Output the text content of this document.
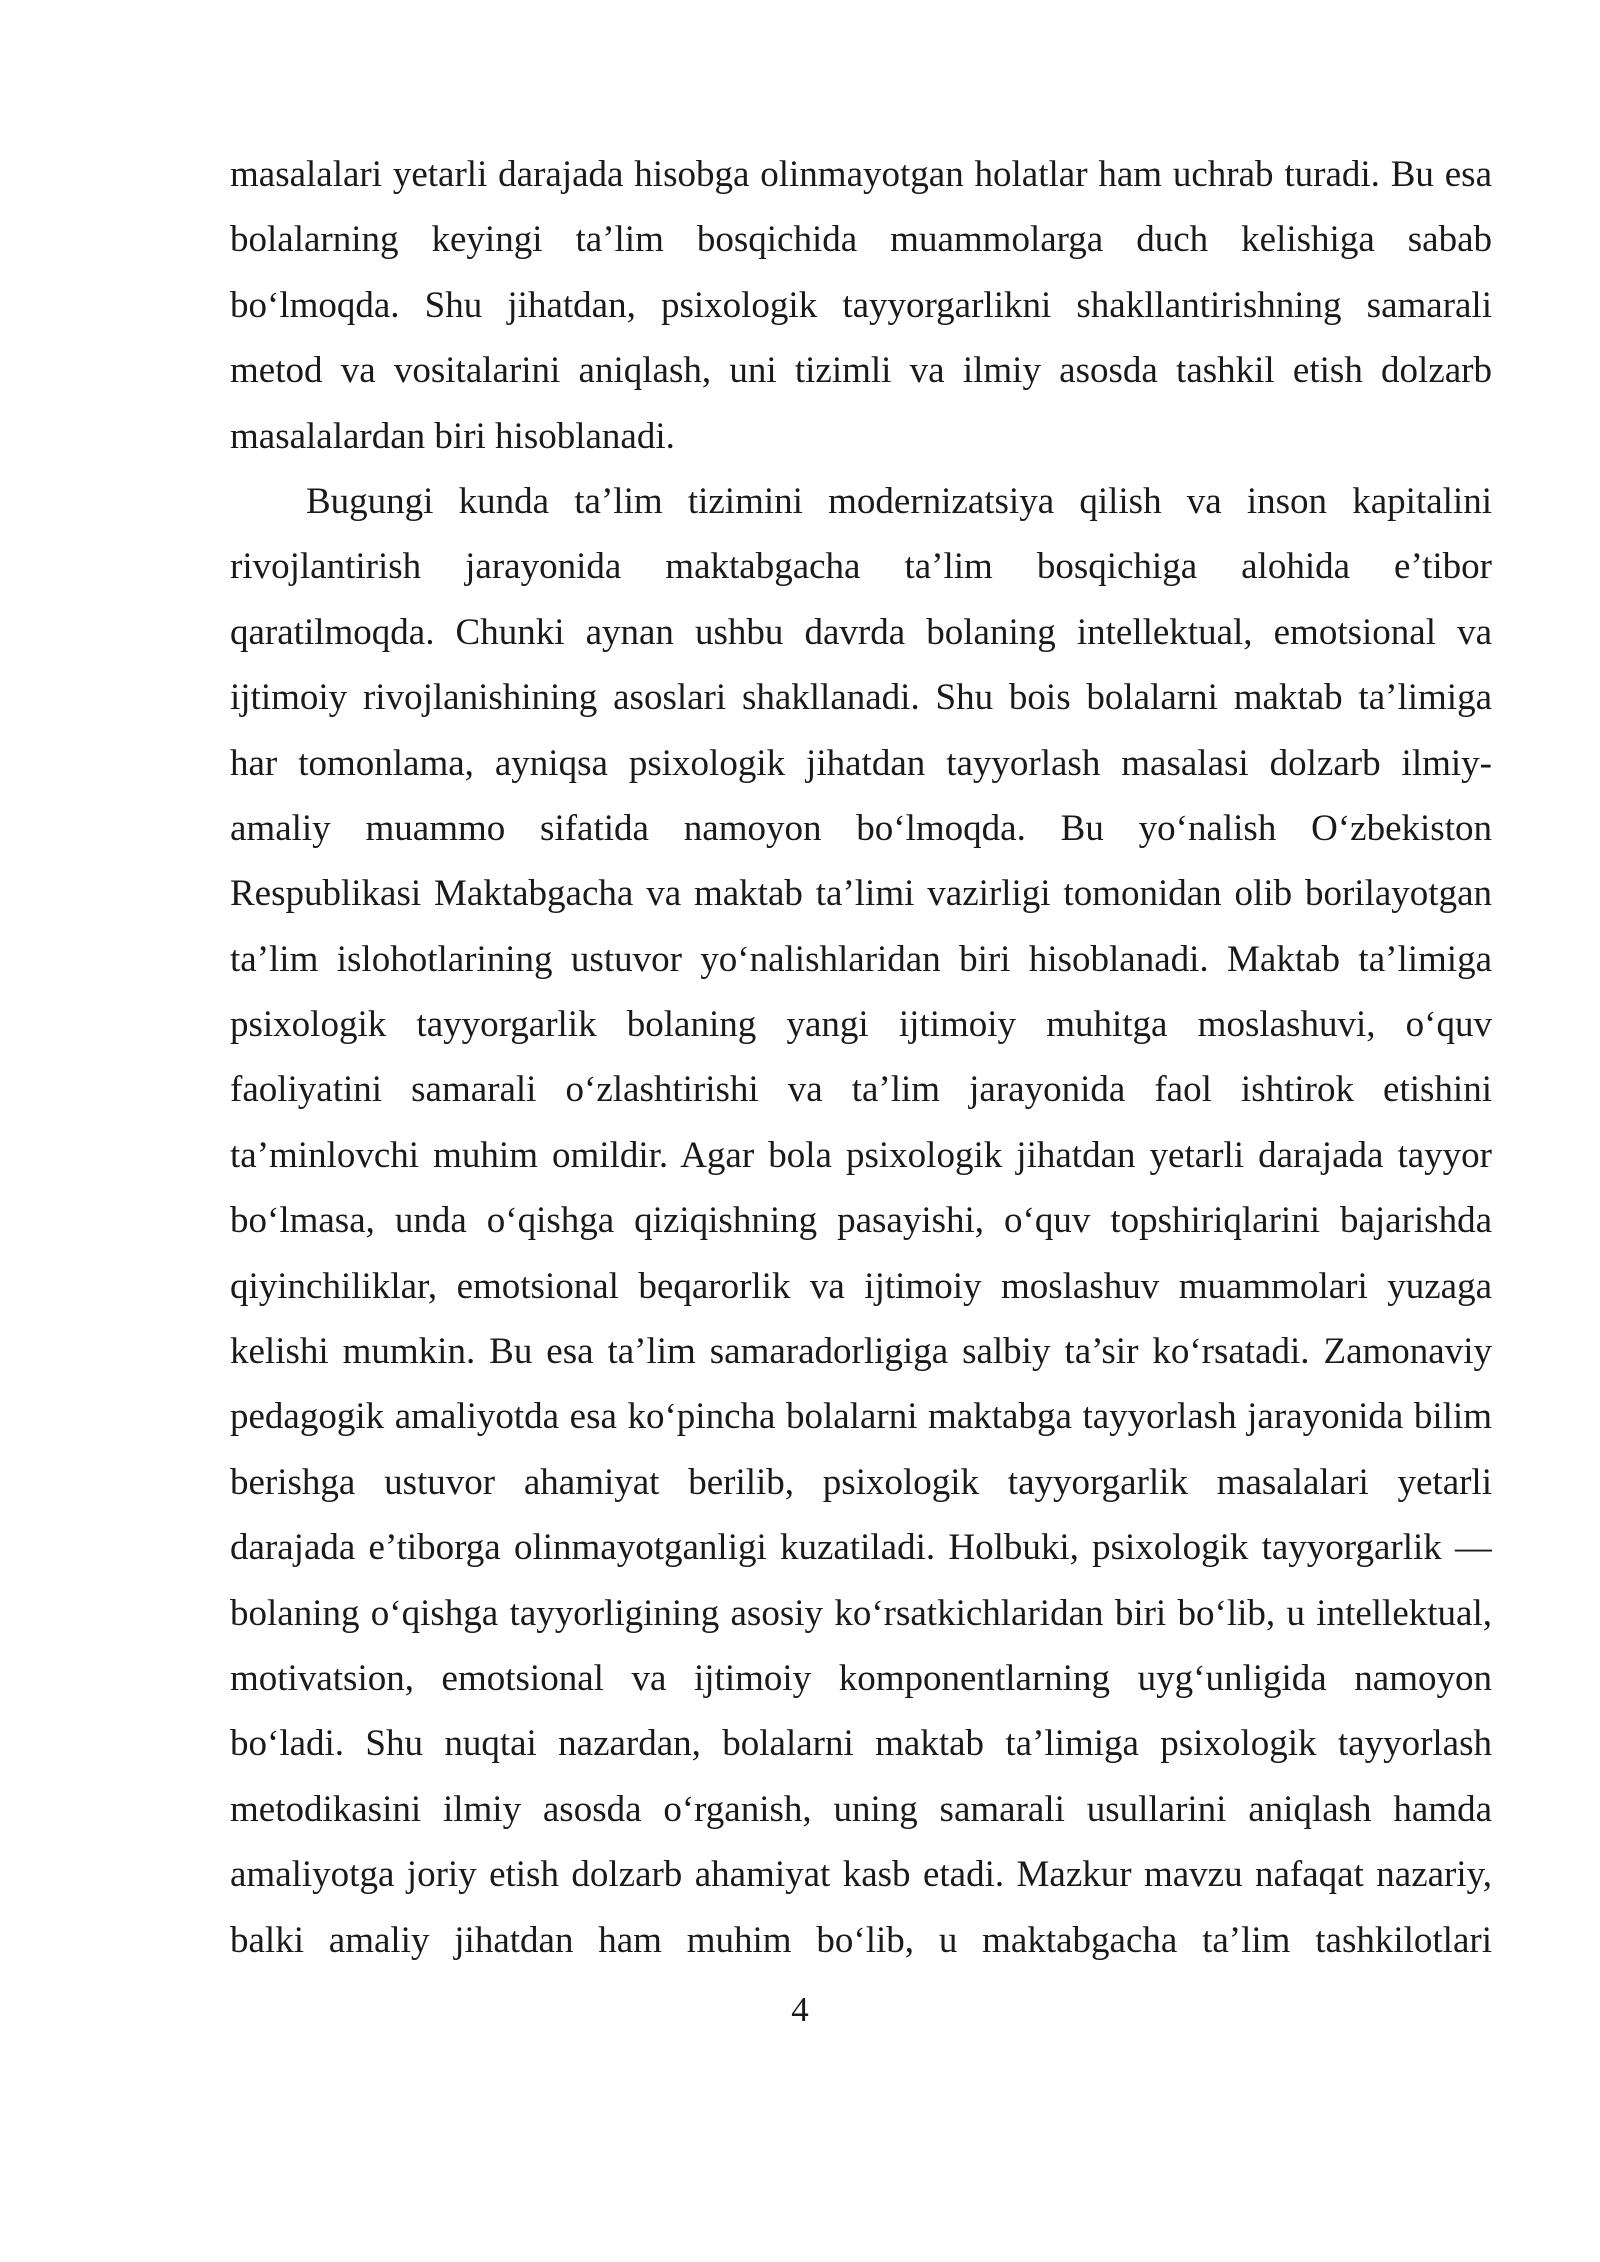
masalalari yetarli darajada hisobga olinmayotgan holatlar ham uchrab turadi. Bu esa
bolalarning keyingi ta’lim bosqichida muammolarga duch kelishiga sabab
bo‘lmoqda. Shu jihatdan, psixologik tayyorgarlikni shakllantirishning samarali
metod va vositalarini aniqlash, uni tizimli va ilmiy asosda tashkil etish dolzarb
masalalardan biri hisoblanadi.
Bugungi kunda ta’lim tizimini modernizatsiya qilish va inson kapitalini
rivojlantirish jarayonida maktabgacha ta’lim bosqichiga alohida e’tibor
qaratilmoqda. Chunki aynan ushbu davrda bolaning intellektual, emotsional va
ijtimoiy rivojlanishining asoslari shakllanadi. Shu bois bolalarni maktab ta’limiga
har tomonlama, ayniqsa psixologik jihatdan tayyorlash masalasi dolzarb ilmiy-
amaliy muammo sifatida namoyon bo‘lmoqda. Bu yo‘nalish O‘zbekiston
Respublikasi Maktabgacha va maktab ta’limi vazirligi tomonidan olib borilayotgan
ta’lim islohotlarining ustuvor yo‘nalishlaridan biri hisoblanadi. Maktab ta’limiga
psixologik tayyorgarlik bolaning yangi ijtimoiy muhitga moslashuvi, o‘quv
faoliyatini samarali o‘zlashtirishi va ta’lim jarayonida faol ishtirok etishini
ta’minlovchi muhim omildir. Agar bola psixologik jihatdan yetarli darajada tayyor
bo‘lmasa, unda o‘qishga qiziqishning pasayishi, o‘quv topshiriqlarini bajarishda
qiyinchiliklar, emotsional beqarorlik va ijtimoiy moslashuv muammolari yuzaga
kelishi mumkin. Bu esa ta’lim samaradorligiga salbiy ta’sir ko‘rsatadi. Zamonaviy
pedagogik amaliyotda esa ko‘pincha bolalarni maktabga tayyorlash jarayonida bilim
berishga ustuvor ahamiyat berilib, psixologik tayyorgarlik masalalari yetarli
darajada e’tiborga olinmayotganligi kuzatiladi. Holbuki, psixologik tayyorgarlik —
bolaning o‘qishga tayyorligining asosiy ko‘rsatkichlaridan biri bo‘lib, u intellektual,
motivatsion, emotsional va ijtimoiy komponentlarning uyg‘unligida namoyon
bo‘ladi. Shu nuqtai nazardan, bolalarni maktab ta’limiga psixologik tayyorlash
metodikasini ilmiy asosda o‘rganish, uning samarali usullarini aniqlash hamda
amaliyotga joriy etish dolzarb ahamiyat kasb etadi. Mazkur mavzu nafaqat nazariy,
balki amaliy jihatdan ham muhim bo‘lib, u maktabgacha ta’lim tashkilotlari
4
